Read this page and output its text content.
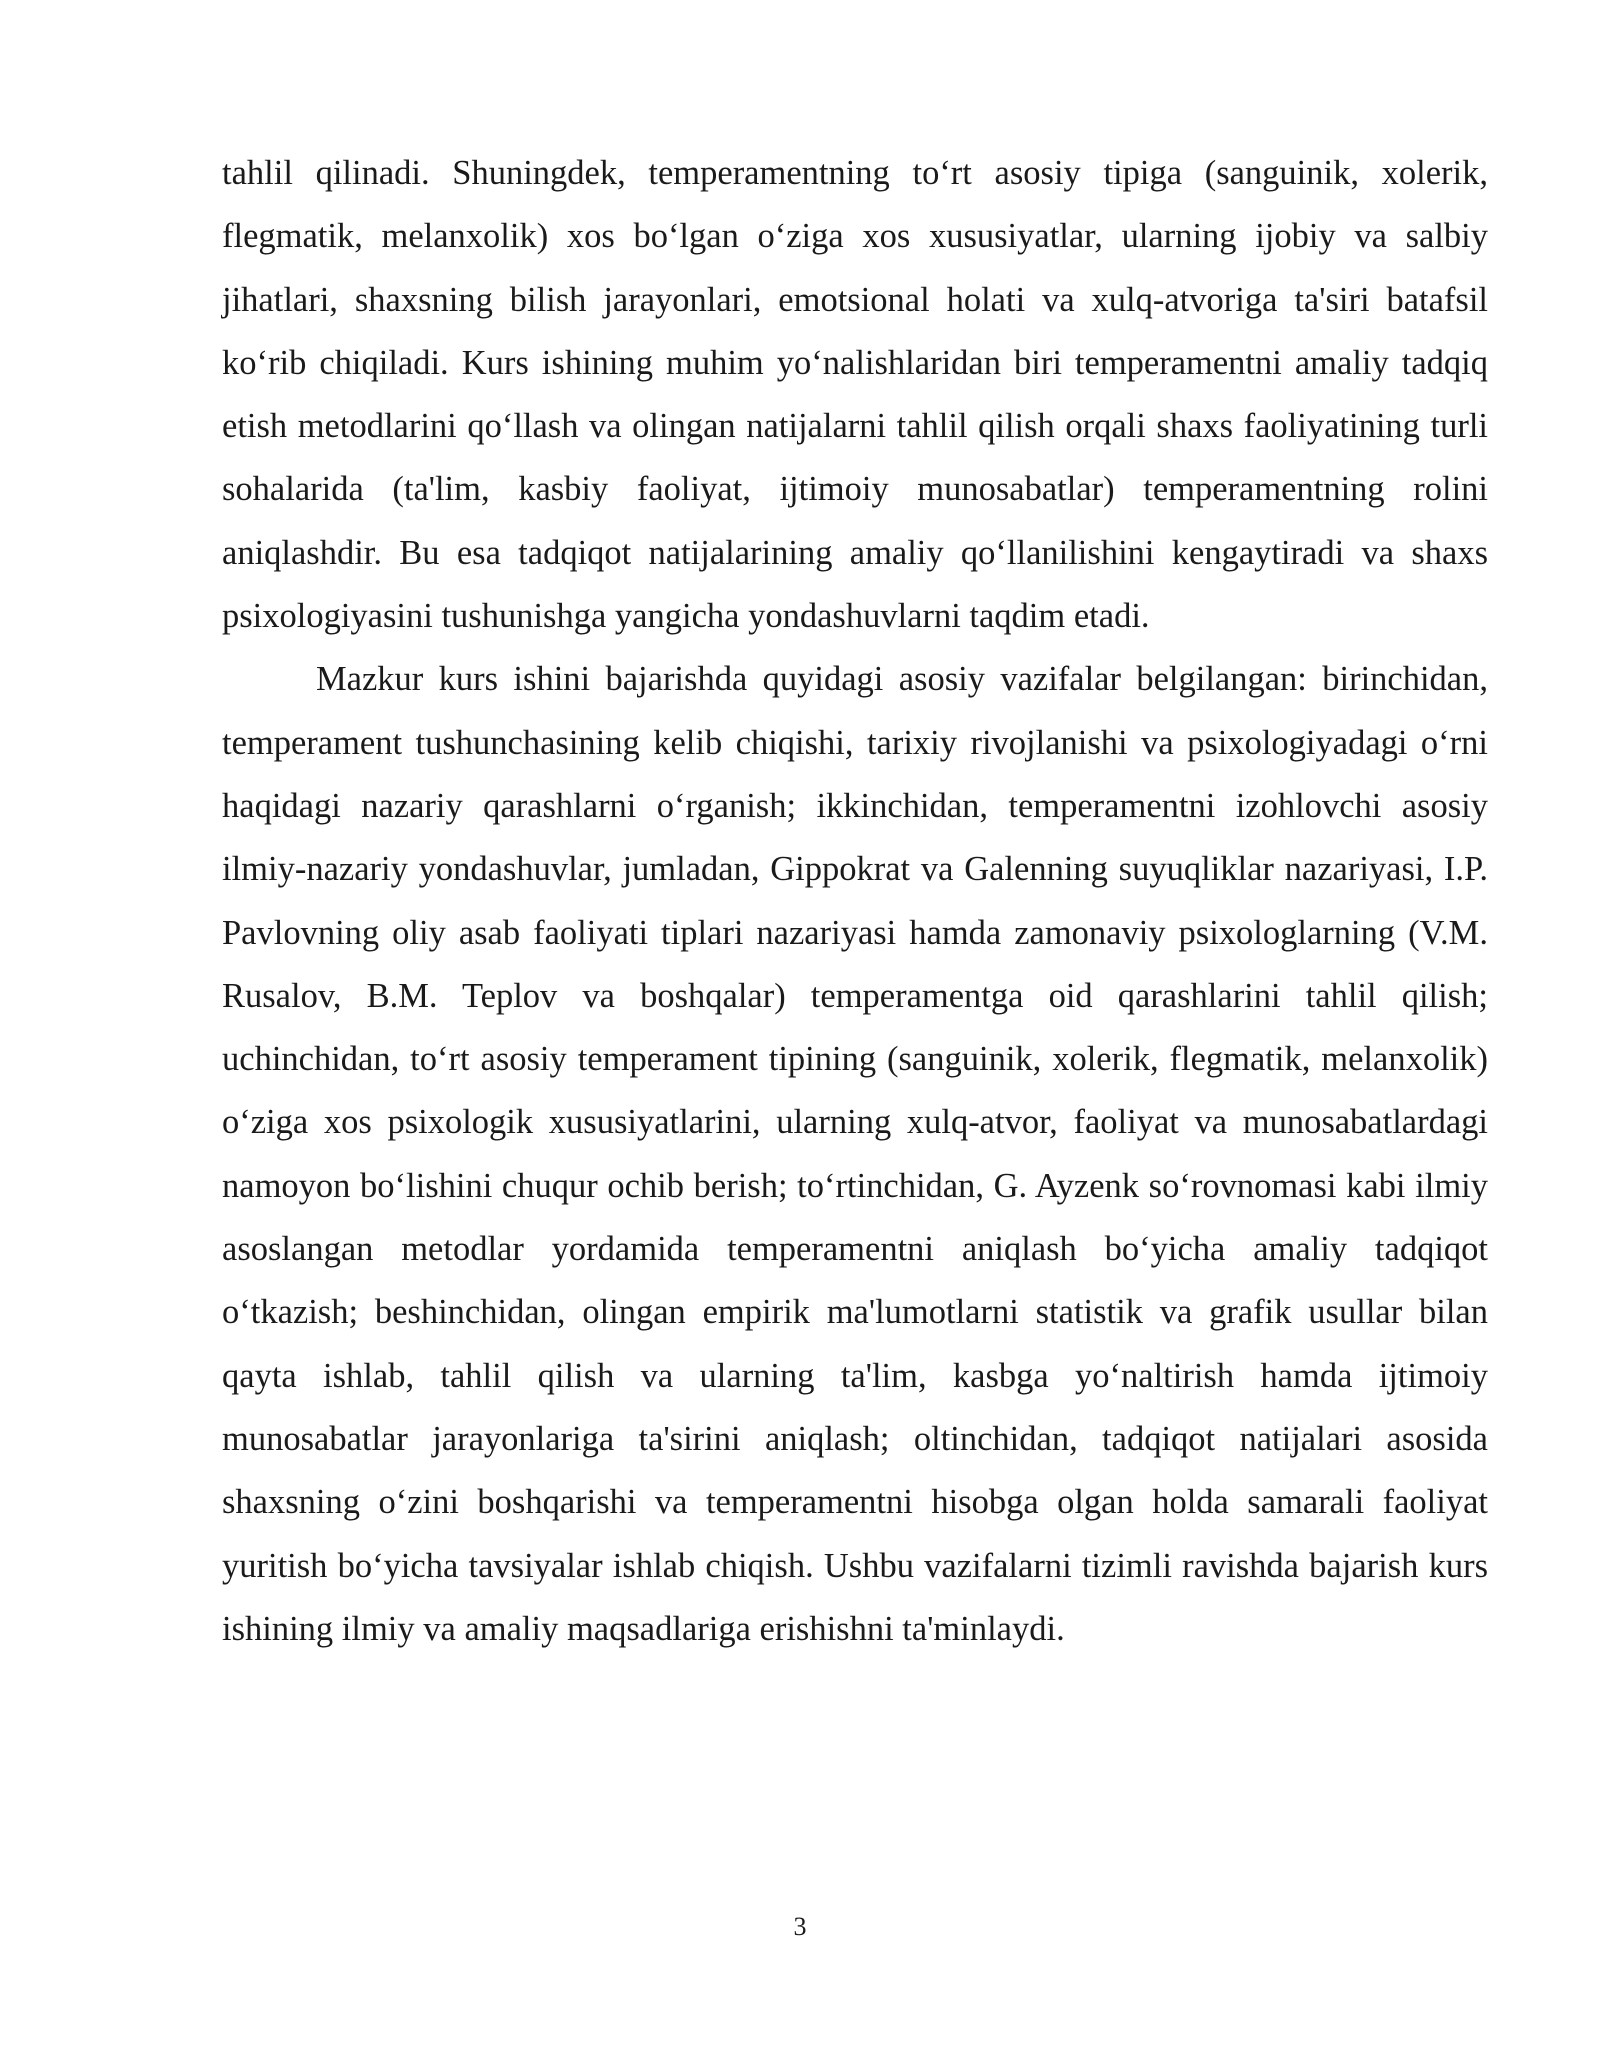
tahlil qilinadi. Shuningdek, temperamentning to‘rt asosiy tipiga (sanguinik, xolerik, flegmatik, melanxolik) xos bo‘lgan o‘ziga xos xususiyatlar, ularning ijobiy va salbiy jihatlari, shaxsning bilish jarayonlari, emotsional holati va xulq-atvoriga ta'siri batafsil ko‘rib chiqiladi. Kurs ishining muhim yo‘nalishlaridan biri temperamentni amaliy tadqiq etish metodlarini qo‘llash va olingan natijalarni tahlil qilish orqali shaxs faoliyatining turli sohalarida (ta'lim, kasbiy faoliyat, ijtimoiy munosabatlar) temperamentning rolini aniqlashdir. Bu esa tadqiqot natijalarining amaliy qo‘llanilishini kengaytiradi va shaxs psixologiyasini tushunishga yangicha yondashuvlarni taqdim etadi.

Mazkur kurs ishini bajarishda quyidagi asosiy vazifalar belgilangan: birinchidan, temperament tushunchasining kelib chiqishi, tarixiy rivojlanishi va psixologiyadagi o‘rni haqidagi nazariy qarashlarni o‘rganish; ikkinchidan, temperamentni izohlovchi asosiy ilmiy-nazariy yondashuvlar, jumladan, Gippokrat va Galenning suyuqliklar nazariyasi, I.P. Pavlovning oliy asab faoliyati tiplari nazariyasi hamda zamonaviy psixologlarning (V.M. Rusalov, B.M. Teplov va boshqalar) temperamentga oid qarashlarini tahlil qilish; uchinchidan, to‘rt asosiy temperament tipining (sanguinik, xolerik, flegmatik, melanxolik) o‘ziga xos psixologik xususiyatlarini, ularning xulq-atvor, faoliyat va munosabatlardagi namoyon bo‘lishini chuqur ochib berish; to‘rtinchidan, G. Ayzenk so‘rovnomasi kabi ilmiy asoslangan metodlar yordamida temperamentni aniqlash bo‘yicha amaliy tadqiqot o‘tkazish; beshinchidan, olingan empirik ma'lumotlarni statistik va grafik usullar bilan qayta ishlab, tahlil qilish va ularning ta'lim, kasbga yo‘naltirish hamda ijtimoiy munosabatlar jarayonlariga ta'sirini aniqlash; oltinchidan, tadqiqot natijalari asosida shaxsning o‘zini boshqarishi va temperamentni hisobga olgan holda samarali faoliyat yuritish bo‘yicha tavsiyalar ishlab chiqish. Ushbu vazifalarni tizimli ravishda bajarish kurs ishining ilmiy va amaliy maqsadlariga erishishni ta'minlaydi.

3
